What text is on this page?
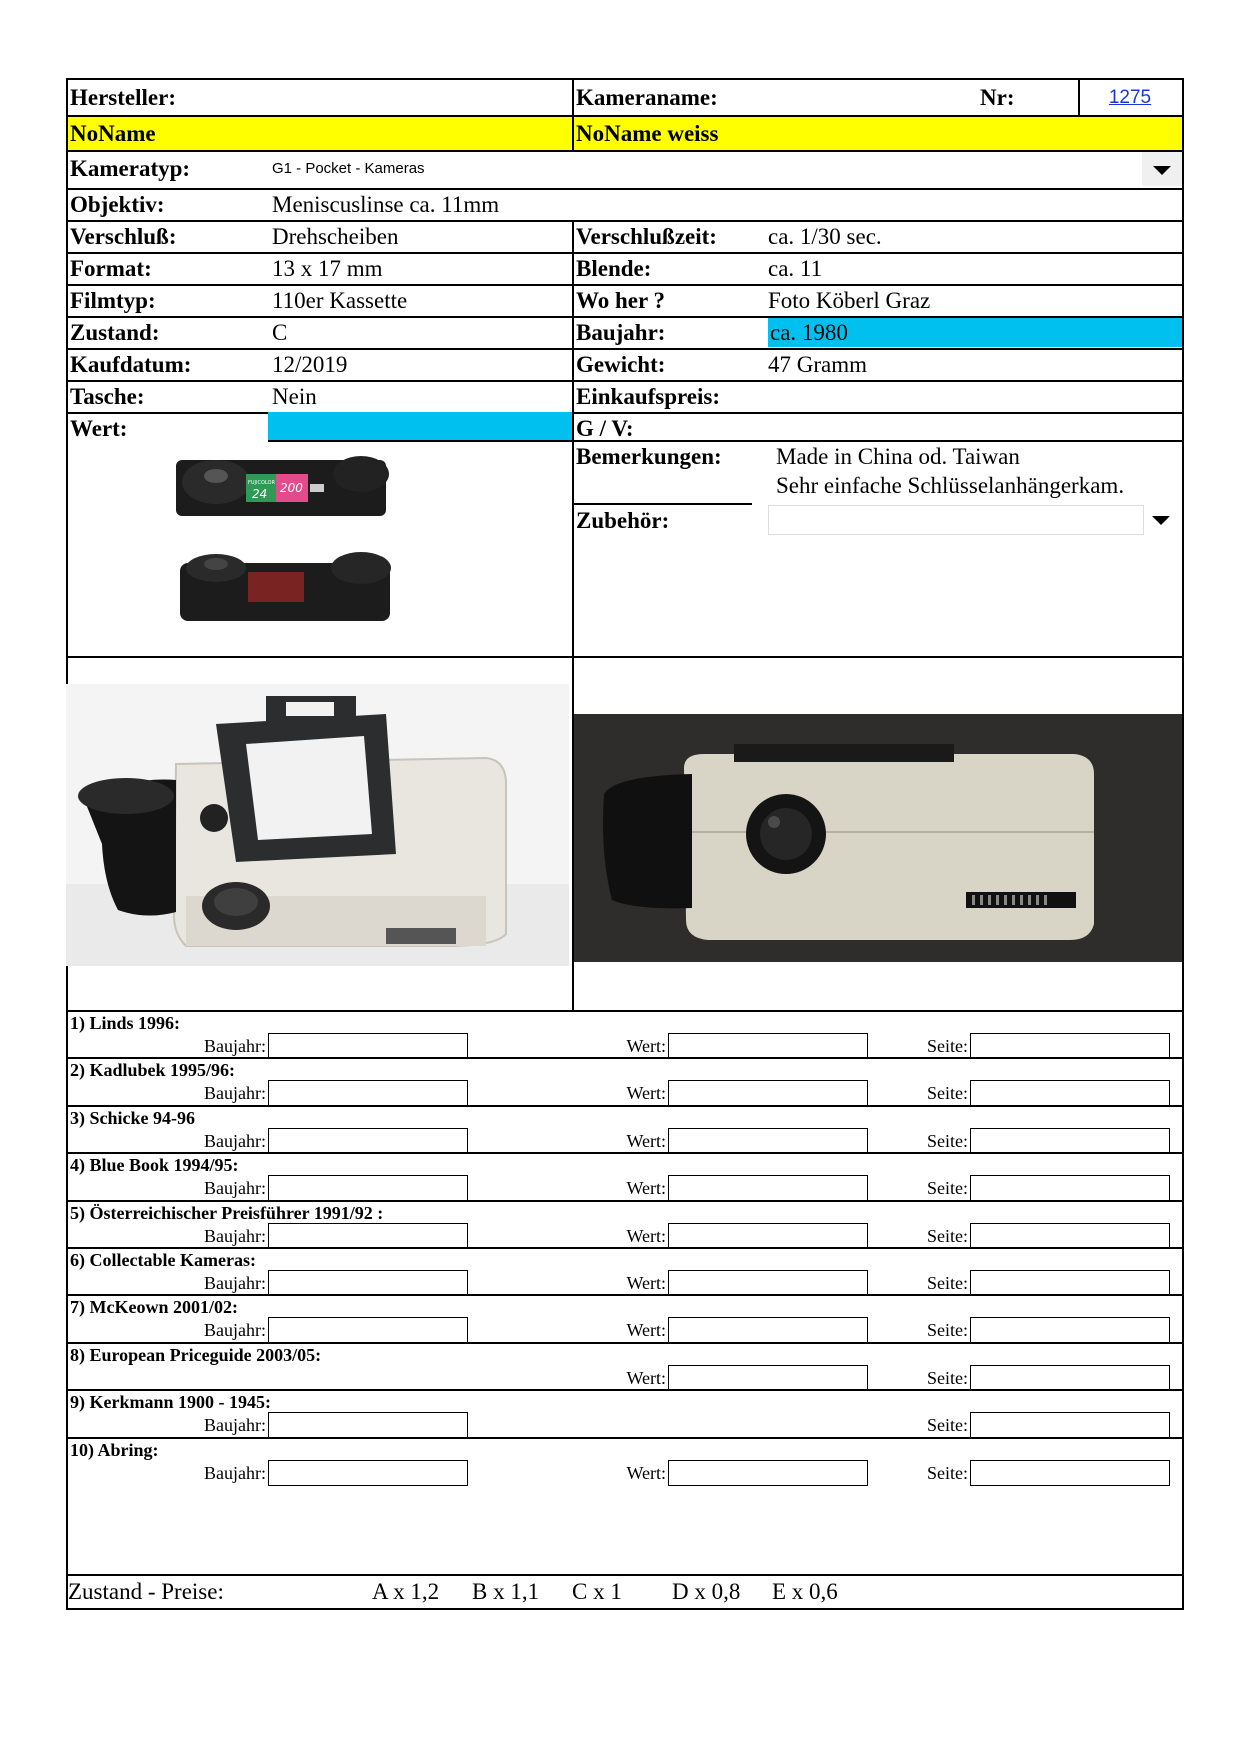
Hersteller:	Kameraname:	Nr:	1275
NoName	NoName weiss
Kameratyp:	G1 - Pocket - Kameras
Objektiv:	Meniscuslinse ca. 11mm
Verschluß:	Drehscheiben	Verschlußzeit: ca. 1/30 sec.
Format:	13 x 17 mm	Blende:	ca. 11
Filmtyp:	110er Kassette	Wo her ?	Foto Köberl Graz
Zustand:	C	Baujahr:	ca. 1980
Kaufdatum:	12/2019	Gewicht:	47 Gramm
Tasche:	Nein	Einkaufspreis:
Wert:	G / V:
Bemerkungen: Made in China od. Taiwan
Sehr einfache Schlüsselanhängerkam.
Zubehör:
200
24
FUJICOLOR
1) Linds 1996:
Baujahr:	Wert:	Seite:
2) Kadlubek 1995/96:
Baujahr:	Wert:	Seite:
3) Schicke 94-96
Baujahr:	Wert:	Seite:
4) Blue Book 1994/95:
Baujahr:	Wert:	Seite:
5) Österreichischer Preisführer 1991/92 :
Baujahr:	Wert:	Seite:
6) Collectable Kameras:
Baujahr:	Wert:	Seite:
7) McKeown 2001/02:
Baujahr:	Wert:	Seite:
8) European Priceguide 2003/05:
Wert:	Seite:
9) Kerkmann 1900 - 1945:
Baujahr:	Seite:
10) Abring:
Baujahr:	Wert:	Seite:
Zustand - Preise:	A x 1,2 B x 1,1 C x 1 D x 0,8 E x 0,6
